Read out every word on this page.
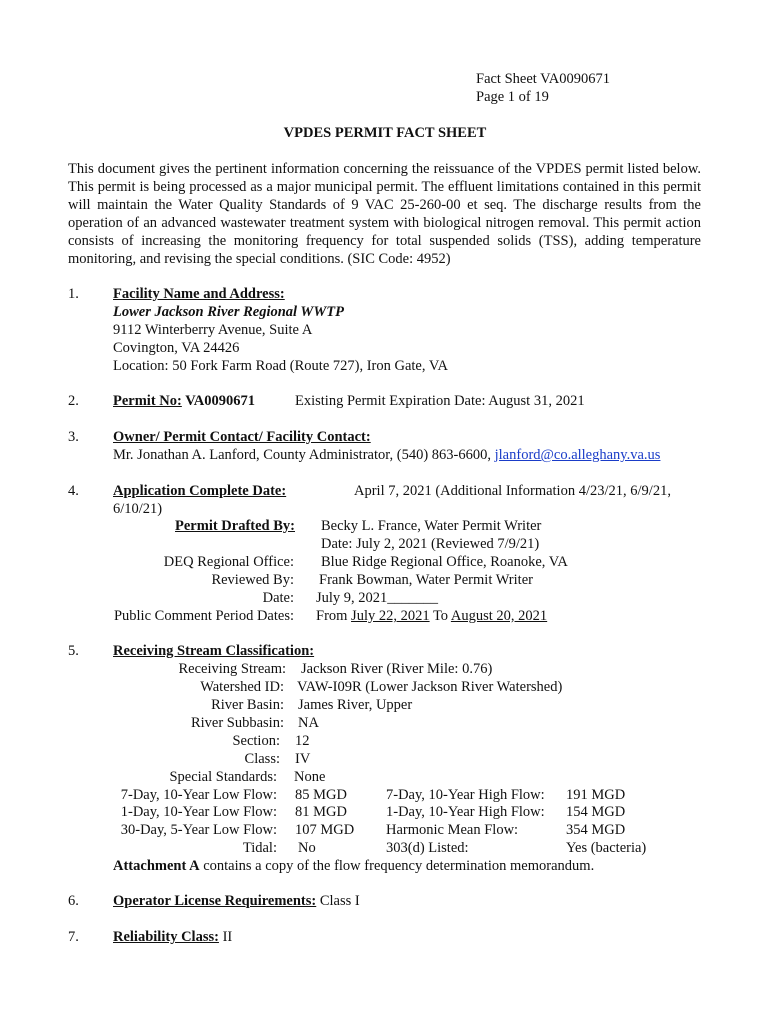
Fact Sheet VA0090671
Page 1 of 19
VPDES PERMIT FACT SHEET
This document gives the pertinent information concerning the reissuance of the VPDES permit listed below. This permit is being processed as a major municipal permit. The effluent limitations contained in this permit will maintain the Water Quality Standards of 9 VAC 25-260-00 et seq. The discharge results from the operation of an advanced wastewater treatment system with biological nitrogen removal. This permit action consists of increasing the monitoring frequency for total suspended solids (TSS), adding temperature monitoring, and revising the special conditions. (SIC Code: 4952)
1. Facility Name and Address:
Lower Jackson River Regional WWTP
9112 Winterberry Avenue, Suite A
Covington, VA 24426
Location: 50 Fork Farm Road (Route 727), Iron Gate, VA
2. Permit No: VA0090671	Existing Permit Expiration Date: August 31, 2021
3. Owner/ Permit Contact/ Facility Contact:
Mr. Jonathan A. Lanford, County Administrator, (540) 863-6600, jlanford@co.alleghany.va.us
4. Application Complete Date:	April 7, 2021 (Additional Information 4/23/21, 6/9/21,
6/10/21)
Permit Drafted By: Becky L. France, Water Permit Writer
Date: July 2, 2021 (Reviewed 7/9/21)
DEQ Regional Office: Blue Ridge Regional Office, Roanoke, VA
Reviewed By: Frank Bowman, Water Permit Writer
Date: July 9, 2021_______
Public Comment Period Dates: From July 22, 2021 To August 20, 2021
5. Receiving Stream Classification:
Receiving Stream: Jackson River (River Mile: 0.76)
Watershed ID: VAW-I09R (Lower Jackson River Watershed)
River Basin: James River, Upper
River Subbasin: NA
Section: 12
Class: IV
Special Standards: None
7-Day, 10-Year Low Flow: 85 MGD	7-Day, 10-Year High Flow: 191 MGD
1-Day, 10-Year Low Flow: 81 MGD	1-Day, 10-Year High Flow: 154 MGD
30-Day, 5-Year Low Flow: 107 MGD Harmonic Mean Flow:	354 MGD
Tidal: No	303(d) Listed:	Yes (bacteria)
Attachment A contains a copy of the flow frequency determination memorandum.
6. Operator License Requirements: Class I
7. Reliability Class: II
